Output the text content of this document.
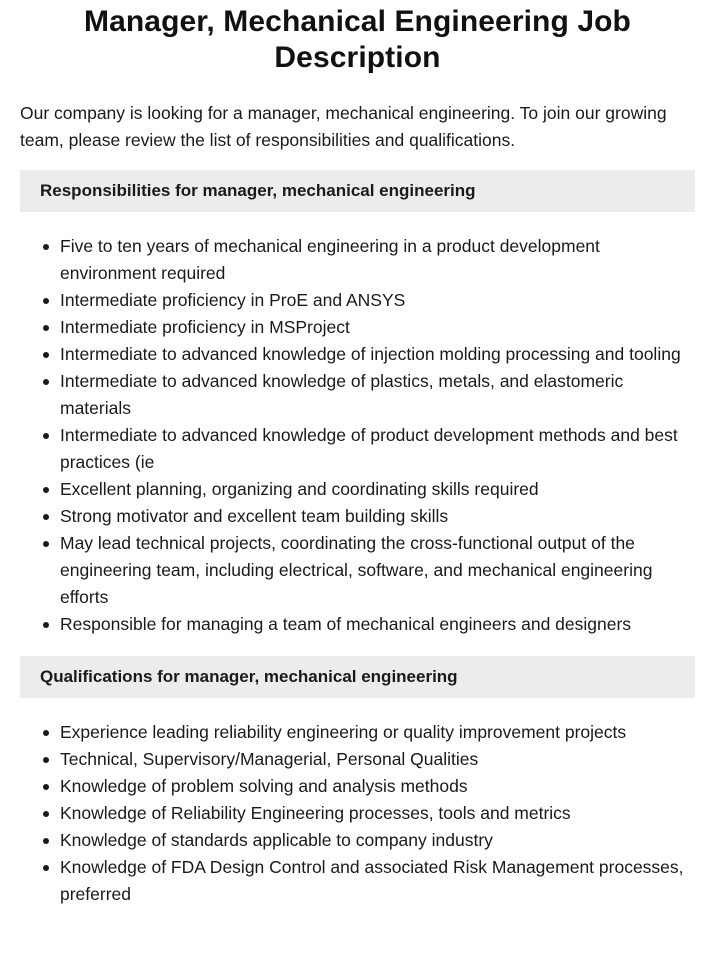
Manager, Mechanical Engineering Job Description

Our company is looking for a manager, mechanical engineering. To join our growing team, please review the list of responsibilities and qualifications.

Responsibilities for manager, mechanical engineering
Five to ten years of mechanical engineering in a product development environment required
Intermediate proficiency in ProE and ANSYS
Intermediate proficiency in MSProject
Intermediate to advanced knowledge of injection molding processing and tooling
Intermediate to advanced knowledge of plastics, metals, and elastomeric materials
Intermediate to advanced knowledge of product development methods and best practices (ie
Excellent planning, organizing and coordinating skills required
Strong motivator and excellent team building skills
May lead technical projects, coordinating the cross-functional output of the engineering team, including electrical, software, and mechanical engineering efforts
Responsible for managing a team of mechanical engineers and designers
Qualifications for manager, mechanical engineering
Experience leading reliability engineering or quality improvement projects
Technical, Supervisory/Managerial, Personal Qualities
Knowledge of problem solving and analysis methods
Knowledge of Reliability Engineering processes, tools and metrics
Knowledge of standards applicable to company industry
Knowledge of FDA Design Control and associated Risk Management processes, preferred
